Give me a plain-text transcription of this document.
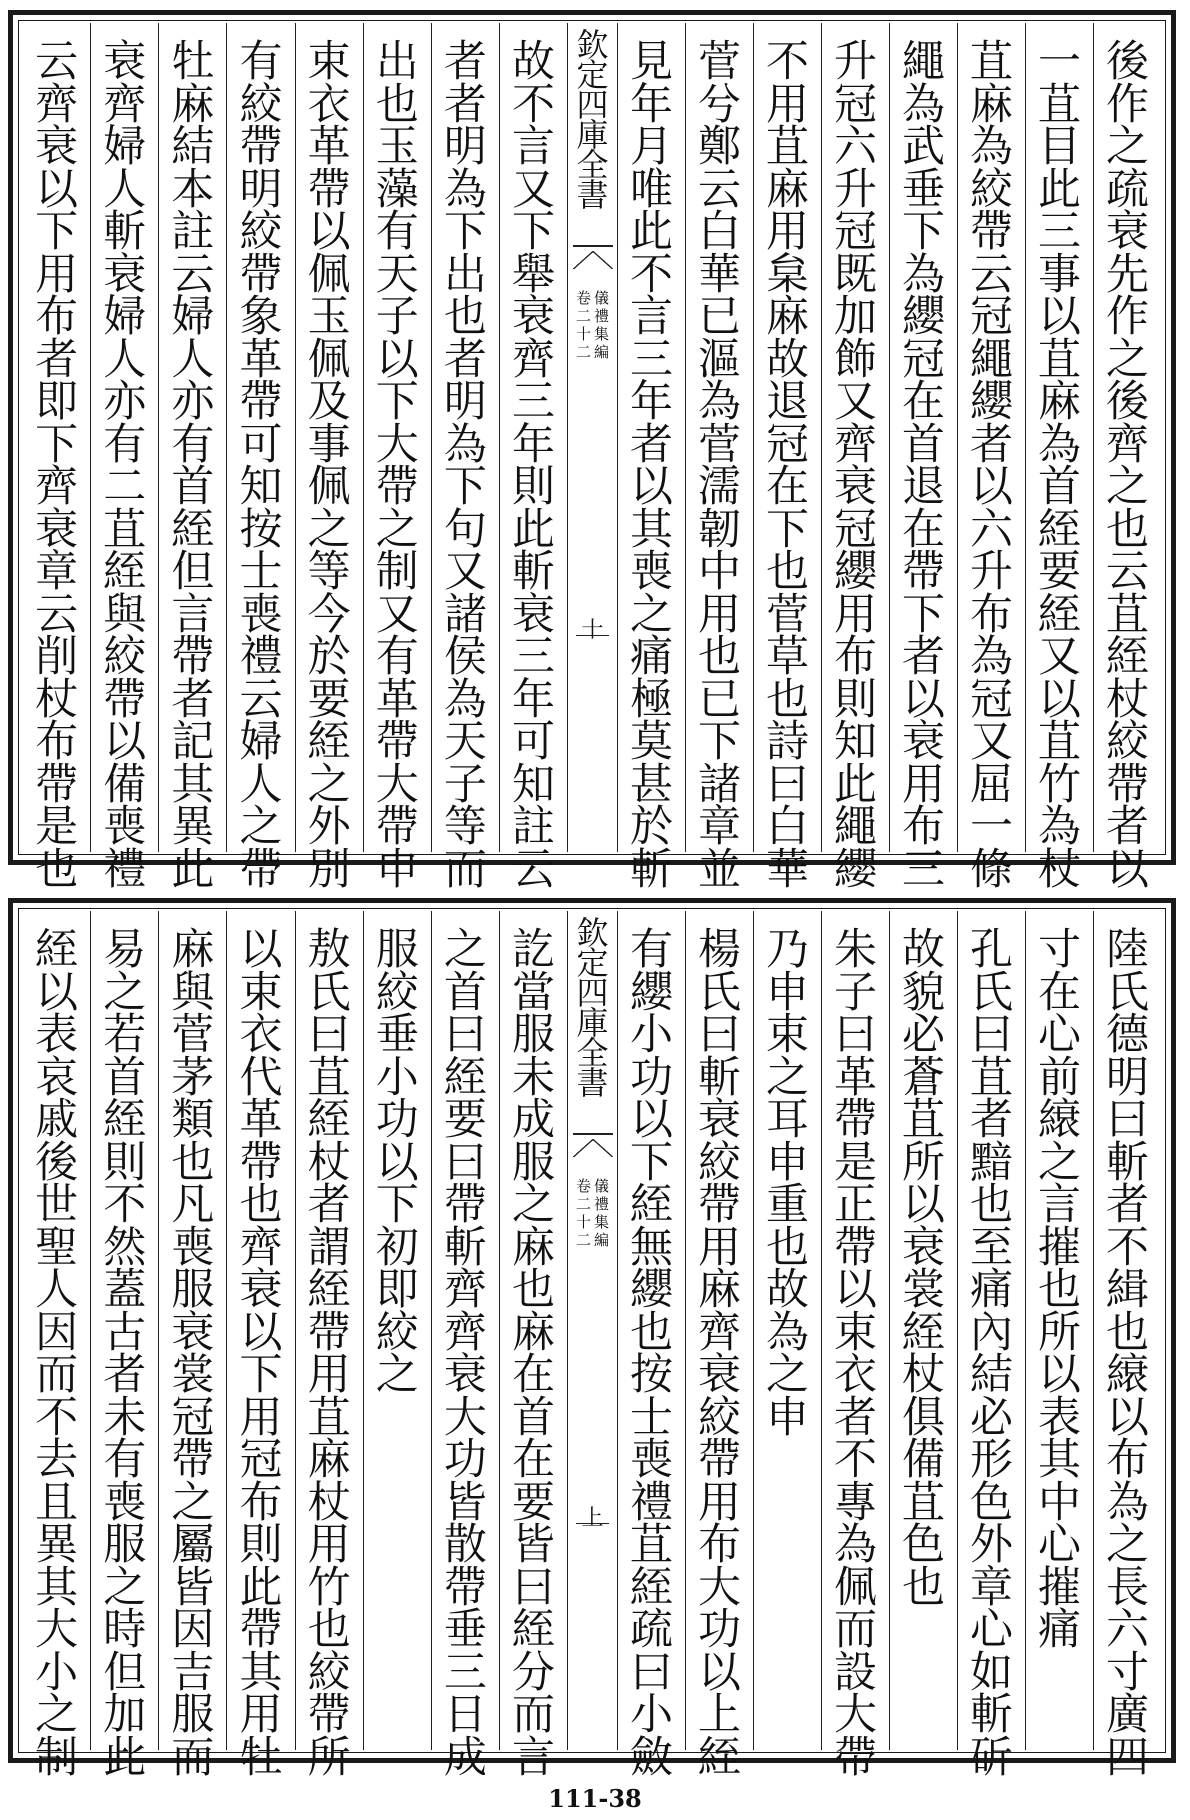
後
作
之
疏
衰
先
作
之
後
齊
之
也
云
苴
絰
杖
絞
帶
者
以
一
苴
目
此
三
事
以
苴
麻
為
首
絰
要
絰
又
以
苴
竹
為
杖
苴
麻
為
絞
帶
云
冠
繩
纓
者
以
六
升
布
為
冠
又
屈
一
條
繩
為
武
垂
下
為
纓
冠
在
首
退
在
帶
下
者
以
衰
用
布
三
升
冠
六
升
冠
既
加
飾
又
齊
衰
冠
纓
用
布
則
知
此
繩
纓
不
用
苴
麻
用
枲
麻
故
退
冠
在
下
也
菅
草
也
詩
曰
白
華
菅
兮
鄭
云
白
華
已
漚
為
菅
濡
韌
中
用
也
已
下
諸
章
並
見
年
月
唯
此
不
言
三
年
者
以
其
喪
之
痛
極
莫
甚
於
斬
欽
定
四
庫
全
書
儀
禮
集
編
卷
二
十
二
十
故
不
言
又
下
舉
衰
齊
三
年
則
此
斬
衰
三
年
可
知
註
云
者
者
明
為
下
出
也
者
明
為
下
句
又
諸
侯
為
天
子
等
而
出
也
玉
藻
有
天
子
以
下
大
帶
之
制
又
有
革
帶
大
帶
申
束
衣
革
帶
以
佩
玉
佩
及
事
佩
之
等
今
於
要
絰
之
外
別
有
絞
帶
明
絞
帶
象
革
帶
可
知
按
士
喪
禮
云
婦
人
之
帶
牡
麻
結
本
註
云
婦
人
亦
有
首
絰
但
言
帶
者
記
其
異
此
衰
齊
婦
人
斬
衰
婦
人
亦
有
二
苴
絰
與
絞
帶
以
備
喪
禮
云
齊
衰
以
下
用
布
者
即
下
齊
衰
章
云
削
杖
布
帶
是
也
陸
氏
德
明
曰
斬
者
不
緝
也
縗
以
布
為
之
長
六
寸
廣
四
寸
在
心
前
縗
之
言
摧
也
所
以
表
其
中
心
摧
痛
孔
氏
曰
苴
者
黯
也
至
痛
內
結
必
形
色
外
章
心
如
斬
斫
故
貌
必
蒼
苴
所
以
衰
裳
絰
杖
俱
備
苴
色
也
朱
子
曰
革
帶
是
正
帶
以
束
衣
者
不
專
為
佩
而
設
大
帶
乃
申
束
之
耳
申
重
也
故
為
之
申
楊
氏
曰
斬
衰
絞
帶
用
麻
齊
衰
絞
帶
用
布
大
功
以
上
絰
有
纓
小
功
以
下
絰
無
纓
也
按
士
喪
禮
苴
絰
疏
曰
小
斂
欽
定
四
庫
全
書
儀
禮
集
編
卷
二
十
二
上
訖
當
服
未
成
服
之
麻
也
麻
在
首
在
要
皆
曰
絰
分
而
言
之
首
曰
絰
要
曰
帶
斬
齊
齊
衰
大
功
皆
散
帶
垂
三
日
成
服
絞
垂
小
功
以
下
初
即
絞
之
敖
氏
曰
苴
絰
杖
者
謂
絰
帶
用
苴
麻
杖
用
竹
也
絞
帶
所
以
束
衣
代
革
帶
也
齊
衰
以
下
用
冠
布
則
此
帶
其
用
牡
麻
與
菅
茅
類
也
凡
喪
服
衰
裳
冠
帶
之
屬
皆
因
吉
服
而
易
之
若
首
絰
則
不
然
蓋
古
者
未
有
喪
服
之
時
但
加
此
絰
以
表
哀
戚
後
世
聖
人
因
而
不
去
且
異
其
大
小
之
制
111-38
